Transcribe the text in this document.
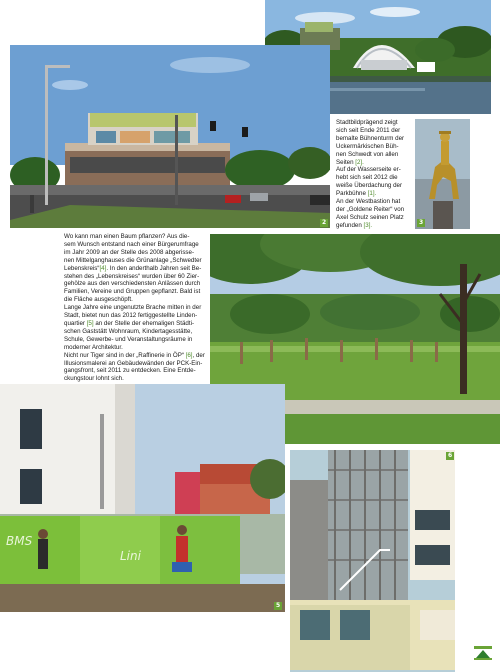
2

Stadtbildprägend zeigt

sich seit Ende 2011 der

bemalte Bühnenturm der

Uckermärkischen Büh-

nen Schwedt von allen

Seiten [2].

Auf der Wasserseite er-

hebt sich seit 2012 die

weiße Überdachung der

Parkbühne [1].

An der Westbastion hat

der „Goldene Reiter“ von

Axel Schulz seinen Platz

gefunden [3].	3

Wo kann man einen Baum pflanzen? Aus die-

sem Wunsch entstand nach einer Bürgerumfrage

im Jahr 2009 an der Stelle des 2008 abgerisse-

nen Mittelganghauses die Grünanlage „Schwedter

Lebenskreis“[4]. In den anderthalb Jahren seit Be-

stehen des „Lebenskreises“ wurden über 60 Zier-

gehölze aus den verschiedensten Anlässen durch

Familien, Vereine und Gruppen gepflanzt. Bald ist

die Fläche ausgeschöpft.

Lange Jahre eine ungenutzte Brache mitten in der

Stadt, bietet nun das 2012 fertiggestellte Linden-

quartier [5] an der Stelle der ehemaligen Städti-

schen Gaststätt Wohnraum, Kindertagesstätte,

Schule, Gewerbe- und Veranstaltungsräume in

moderner Architektur.

Nicht nur Tiger sind in der „Raffinerie in ÖP“ [6], der

Illusionsmalerei an Gebäudewänden der PCK-Ein-

gangsfront, seit 2011 zu entdecken. Eine Entde-

ckungstour lohnt sich.

BMS
Lini
5
6
